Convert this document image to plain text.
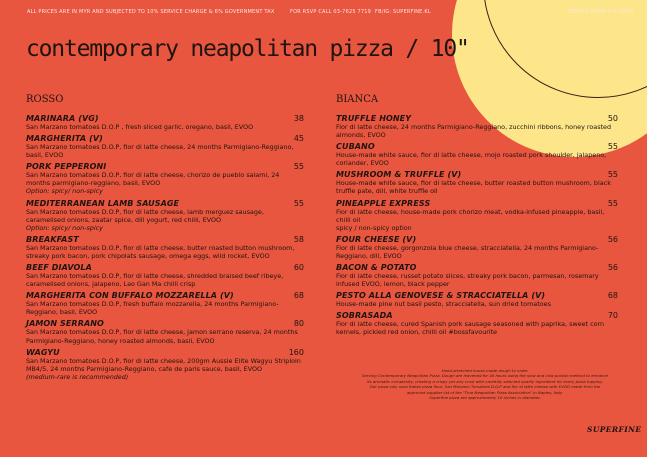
ALL PRICES ARE IN MYR AND SUBJECTED TO 10% SERVICE CHARGE & 6% GOVERNMENT TAX	FOR RSVP CALL 03-7625 7719 FB/IG: SUPERFINE.KL	SERVED FROM 6-9.30PM
contemporary neapolitan pizza / 10"
ROSSO
MARINARA (VG)	38
San Marzano tomatoes D.O.P , fresh sliced garlic, oregano, basil, EVOO
MARGHERITA (V)	45
San Marzano tomatoes D.O.P, fior di latte cheese, 24 months Parmigiano-Reggiano, basil, EVOO
PORK PEPPERONI	55
San Marzano tomatoes D.O.P, fior di latte cheese, chorizo de pueblo salami, 24 months parmigiano-reggiano, basil, EVOO
Option: spicy/ non-spicy
MEDITERRANEAN LAMB SAUSAGE	55
San Marzano tomatoes D.O.P, fior di latte cheese, lamb merguez sausage, caramelised onions, zaatar spice, dill yogurt, red chilli, EVOO
Option: spicy/ non-spicy
BREAKFAST	58
San Marzano tomatoes D.O.P, fior di latte cheese, butter roasted button mushroom, streaky pork bacon, pork chipolats sausage, omega eggs, wild rocket, EVOO
BEEF DIAVOLA	60
San Marzano tomatoes D.O.P, fior di latte cheese, shredded braised beef ribeye, caramelised onions, jalapeno, Lao Gan Ma chilli crisp
MARGHERITA CON BUFFALO MOZZARELLA (V)	68
San Marzano tomatoes D.O.P, fresh buffalo mozzarella, 24 months Parmigiano-Reggiano, basil, EVOO
JAMON SERRANO	80
San Marzano tomatoes D.O.P, fior di latte cheese, jamon serrano reserva, 24 months Parmigiano-Reggiano, honey roasted almonds, basil, EVOO
WAGYU	160
San Marzano tomatoes D.O.P, fior di latte cheese, 200gm Aussie Elite Wagyu Striploin MB4/5, 24 months Parmigiano-Reggiano, cafe de paris sauce, basil, EVOO
(medium-rare is recommended)
BIANCA
TRUFFLE HONEY	50
Fior di latte cheese, 24 months Parmigiano-Reggiano, zucchini ribbons, honey roasted almonds, EVOO
CUBANO	55
House-made white sauce, fior di latte cheese, mojo roasted pork shoulder, jalapeno, coriander, EVOO
MUSHROOM & TRUFFLE (V)	55
House-made white sauce, fior di latte cheese, butter roasted button mushroom, black truffle pate, dill, white truffle oil
PINEAPPLE EXPRESS	55
Fior di latte cheese, house-made pork chorizo meat, vodka-infused pineapple, basil, chilli oil
spicy / non-spicy option
FOUR CHEESE (V)	56
Fior di latte cheese, gorgonzola blue cheese, stracciatella, 24 months Parmigiano-Reggiano, dill, EVOO
BACON & POTATO	56
Fior di latte cheese, russet potato slices, streaky pork bacon, parmesan, rosemary infused EVOO, lemon, black pepper
PESTO ALLA GENOVESE & STRACCIATELLA (V)	68
House-made pine nut basil pesto, stracciatella, sun dried tomatoes
SOBRASADA	70
Fior di latte cheese, cured Spanish pork sausage seasoned with paprika, sweet corn kernels, pickled red onion, chilli oil #bossfavourite
Hand-stretched house-made dough to order.
Serving Contemporary Neapolitan Pizza. Dough are leavened for 48 hours using the slow and cold poolish method to enhance its aromatic complexity, creating a crispy yet airy crust with carefully selected quality ingredient for every pizza topping.
Our pizza only uses Italian pizza flour, San Marzano Tomatoes D.O.P and fior di latte cheese with EVOO made from the approved supplier list of the "True Neapolitan Pizza Association" in Naples, Italy.
Superfine pizza are approximately 10 inches in diameter.
SUPERFINE
